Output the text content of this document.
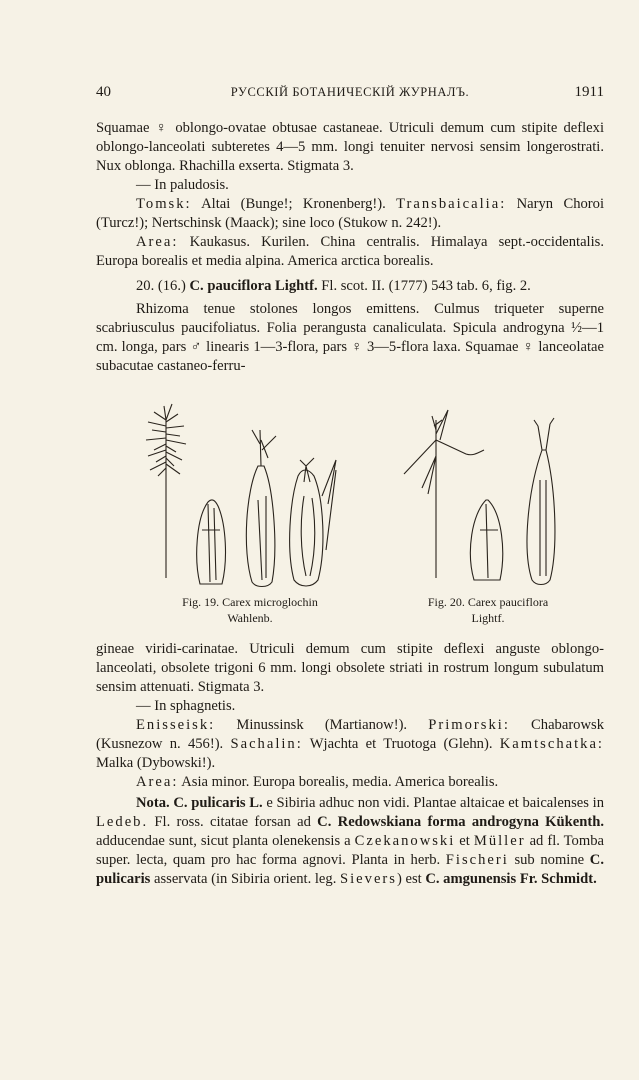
40	РУССКІЙ БОТАНИЧЕСКІЙ ЖУРНАЛЪ.	1911

Squamae ♀ oblongo-ovatae obtusae castaneae. Utriculi demum cum stipite deflexi oblongo-lanceolati subteretes 4—5 mm. longi tenuiter nervosi sensim longerostrati. Nux oblonga. Rhachilla exserta. Stigmata 3.

— In paludosis.

Tomsk: Altai (Bunge!; Kronenberg!). Transbaicalia: Naryn Choroi (Turcz!); Nertschinsk (Maack); sine loco (Stukow n. 242!).

Area: Kaukasus. Kurilen. China centralis. Himalaya sept.-occidentalis. Europa borealis et media alpina. America arctica borealis.

20. (16.) C. pauciflora Lightf. Fl. scot. II. (1777) 543 tab. 6, fig. 2.

Rhizoma tenue stolones longos emittens. Culmus triqueter superne scabriusculus paucifoliatus. Folia perangusta canaliculata. Spicula androgyna ½—1 cm. longa, pars ♂ linearis 1—3-flora, pars ♀ 3—5-flora laxa. Squamae ♀ lanceolatae subacutae castaneo-ferru-

Fig. 19. Carex microglochin
Wahlenb.
Fig. 20. Carex pauciflora
Lightf.

gineae viridi-carinatae. Utriculi demum cum stipite deflexi anguste oblongo-lanceolati, obsolete trigoni 6 mm. longi obsolete striati in rostrum longum subulatum sensim attenuati. Stigmata 3.

— In sphagnetis.

Enisseisk: Minussinsk (Martianow!). Primorski: Chabarowsk (Kusnezow n. 456!). Sachalin: Wjachta et Truotoga (Glehn). Kamtschatka: Malka (Dybowski!).

Area: Asia minor. Europa borealis, media. America borealis.

Nota. C. pulicaris L. e Sibiria adhuc non vidi. Plantae altaicae et baicalenses in Ledeb. Fl. ross. citatae forsan ad C. Redowskiana forma androgyna Kükenth. adducendae sunt, sicut planta olenekensis a Czekanowski et Müller ad fl. Tomba super. lecta, quam pro hac forma agnovi. Planta in herb. Fischeri sub nomine C. pulicaris asservata (in Sibiria orient. leg. Sievers) est C. amgunensis Fr. Schmidt.
